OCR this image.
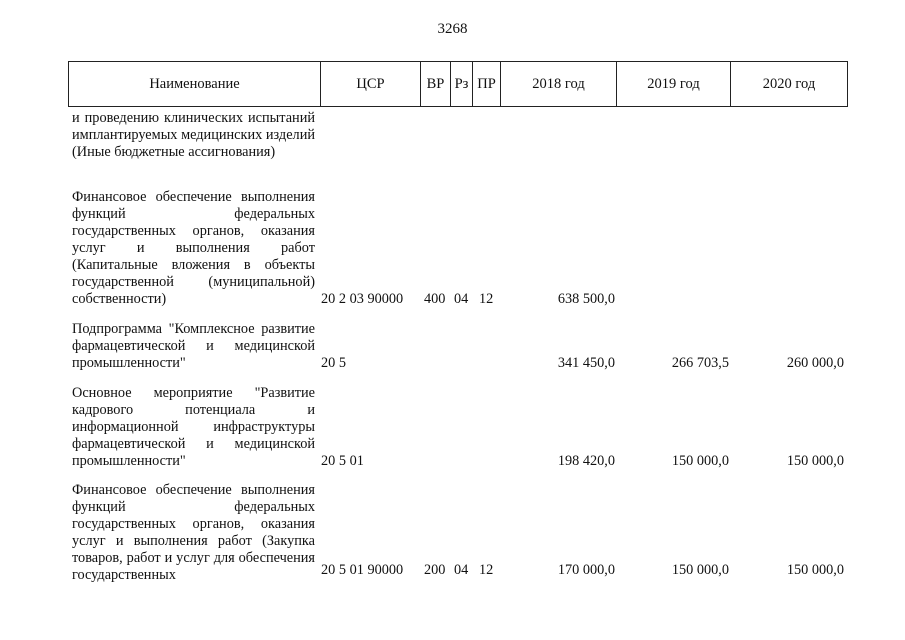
3268
Наименование	ЦСР	ВР Рз ПР	2018 год	2019 год	2020 год
и проведению клинических испытаний имплантируемых медицинских изделий (Иные бюджетные ассигнования)
Финансовое обеспечение выполнения функций федеральных государственных органов, оказания услуг и выполнения работ (Капитальные вложения в объекты государственной (муниципальной) собственности)	20 2 03 90000 400 04 12	638 500,0
Подпрограмма "Комплексное развитие фармацевтической и медицинской промышленности"	20 5	341 450,0	266 703,5	260 000,0
Основное мероприятие "Развитие кадрового потенциала и информационной инфраструктуры фармацевтической и медицинской промышленности"	20 5 01	198 420,0	150 000,0	150 000,0
Финансовое обеспечение выполнения функций федеральных государственных органов, оказания услуг и выполнения работ (Закупка товаров, работ и услуг для обеспечения государственных	20 5 01 90000 200 04 12	170 000,0	150 000,0	150 000,0
